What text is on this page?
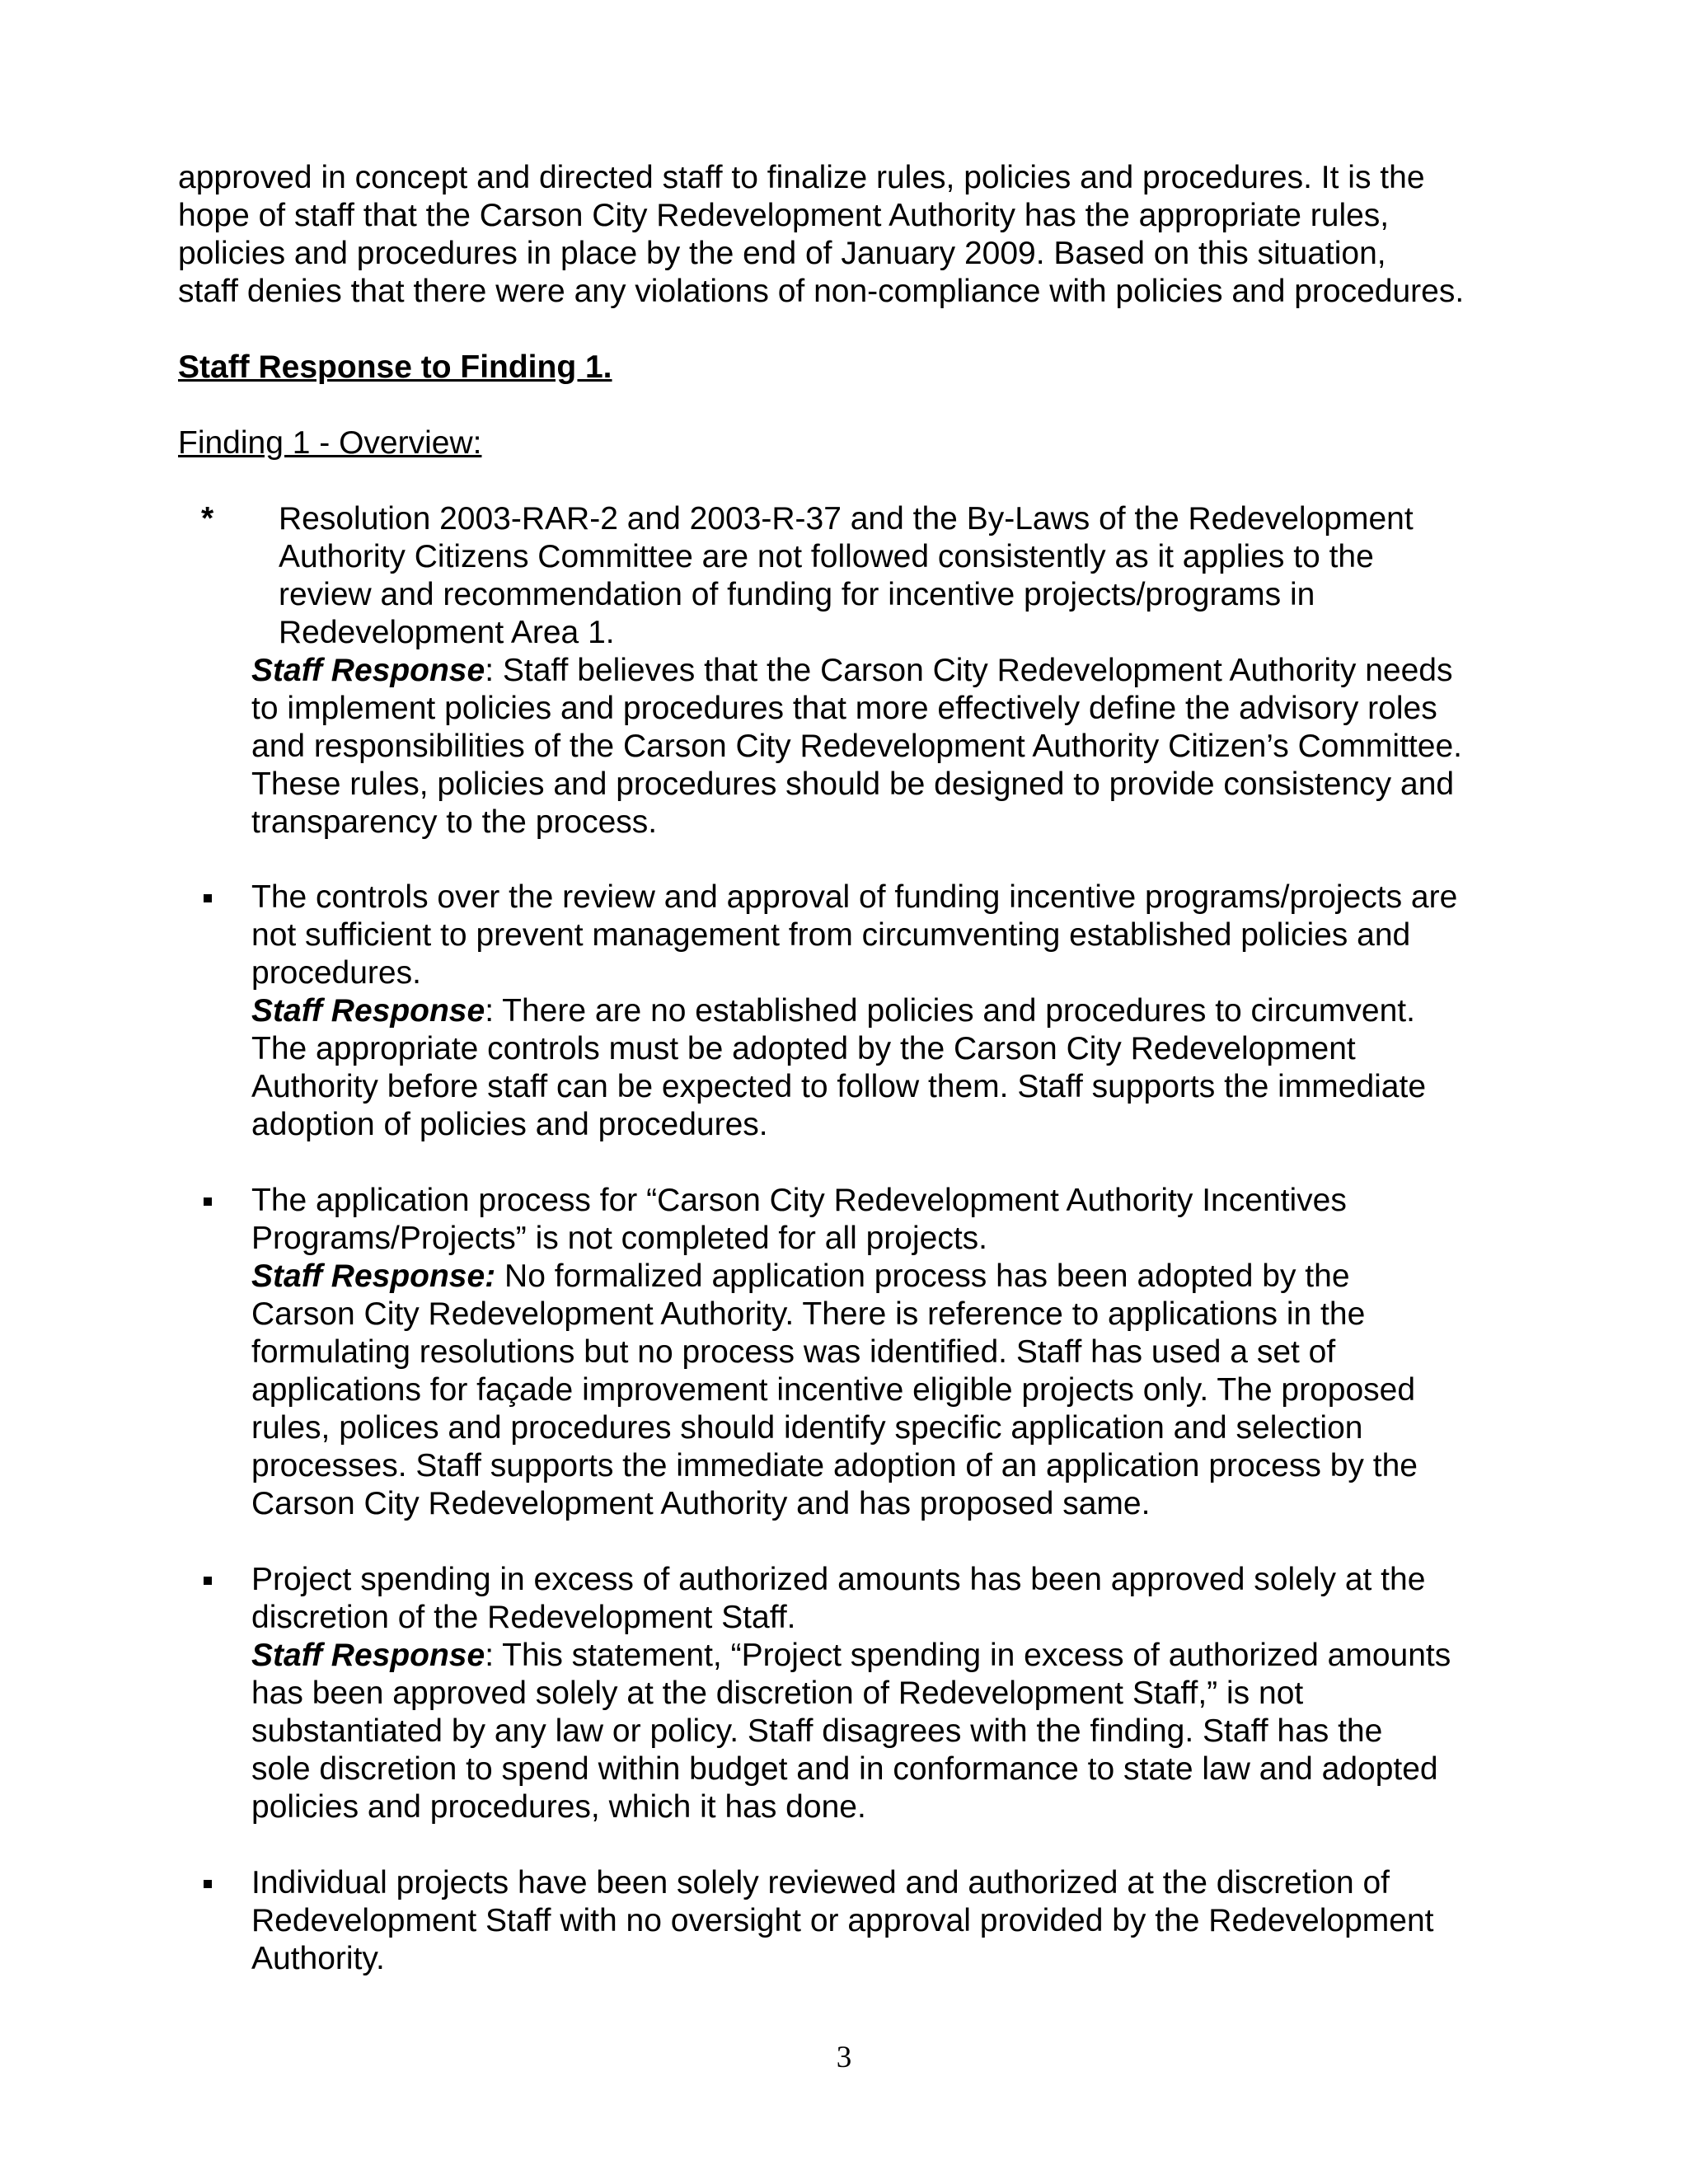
approved in concept and directed staff to finalize rules, policies and procedures. It is the
hope of staff that the Carson City Redevelopment Authority has the appropriate rules,
policies and procedures in place by the end of January 2009. Based on this situation,
staff denies that there were any violations of non-compliance with policies and procedures.
Staff Response to Finding 1.
Finding 1 - Overview:
* Resolution 2003-RAR-2 and 2003-R-37 and the By-Laws of the Redevelopment
Authority Citizens Committee are not followed consistently as it applies to the
review and recommendation of funding for incentive projects/programs in
Redevelopment Area 1.
Staff Response: Staff believes that the Carson City Redevelopment Authority needs
to implement policies and procedures that more effectively define the advisory roles
and responsibilities of the Carson City Redevelopment Authority Citizen’s Committee.
These rules, policies and procedures should be designed to provide consistency and
transparency to the process.
The controls over the review and approval of funding incentive programs/projects are
not sufficient to prevent management from circumventing established policies and
procedures.
Staff Response: There are no established policies and procedures to circumvent.
The appropriate controls must be adopted by the Carson City Redevelopment
Authority before staff can be expected to follow them. Staff supports the immediate
adoption of policies and procedures.
The application process for “Carson City Redevelopment Authority Incentives
Programs/Projects” is not completed for all projects.
Staff Response: No formalized application process has been adopted by the
Carson City Redevelopment Authority. There is reference to applications in the
formulating resolutions but no process was identified. Staff has used a set of
applications for façade improvement incentive eligible projects only. The proposed
rules, polices and procedures should identify specific application and selection
processes. Staff supports the immediate adoption of an application process by the
Carson City Redevelopment Authority and has proposed same.
Project spending in excess of authorized amounts has been approved solely at the
discretion of the Redevelopment Staff.
Staff Response: This statement, “Project spending in excess of authorized amounts
has been approved solely at the discretion of Redevelopment Staff,” is not
substantiated by any law or policy. Staff disagrees with the finding. Staff has the
sole discretion to spend within budget and in conformance to state law and adopted
policies and procedures, which it has done.
Individual projects have been solely reviewed and authorized at the discretion of
Redevelopment Staff with no oversight or approval provided by the Redevelopment
Authority.
3
